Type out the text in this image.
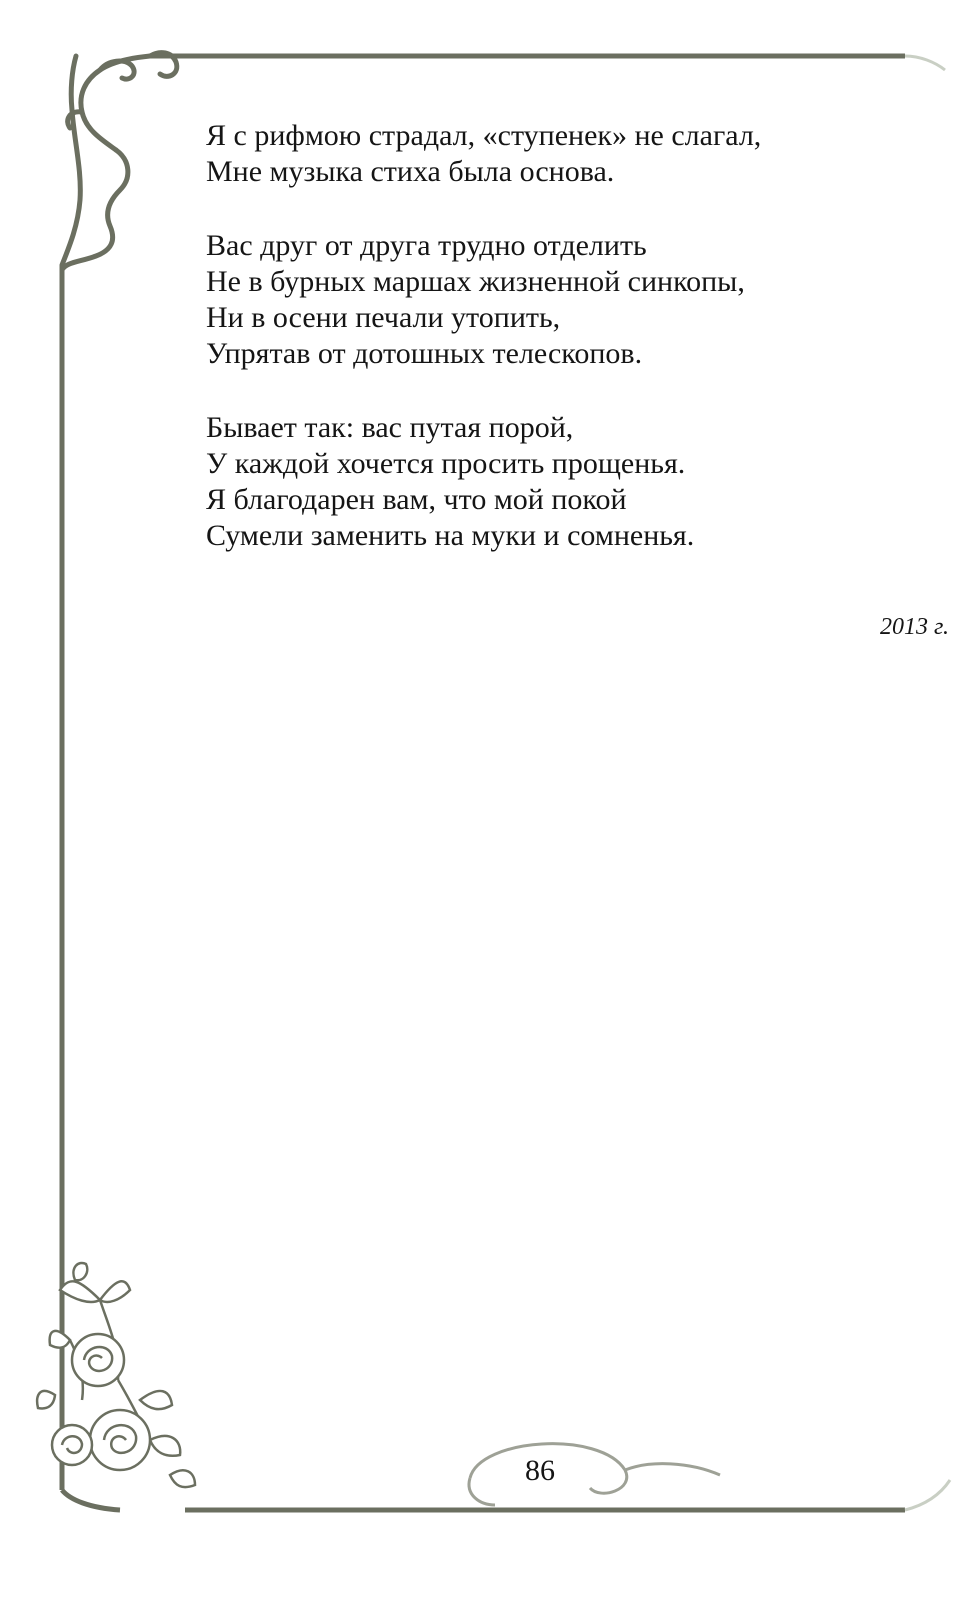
Я с рифмою страдал, «ступенек» не слагал,
Мне музыка стиха была основа.
Вас друг от друга трудно отделить
Не в бурных маршах жизненной синкопы,
Ни в осени печали утопить,
Упрятав от дотошных телескопов.
Бывает так: вас путая порой,
У каждой хочется просить прощенья.
Я благодарен вам, что мой покой
Сумели заменить на муки и сомненья.
2013 г.
86
